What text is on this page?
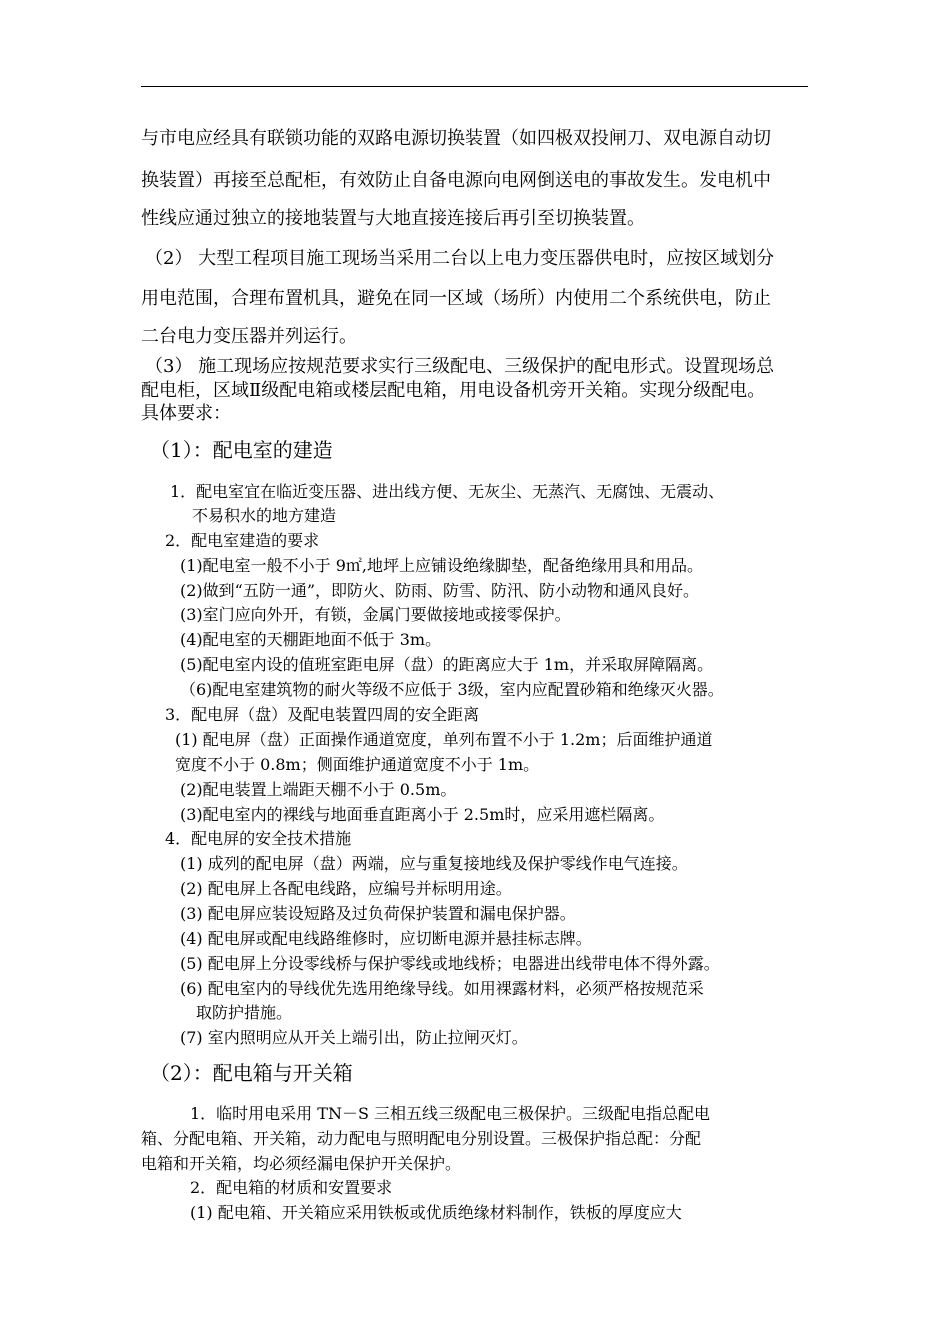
与市电应经具有联锁功能的双路电源切换装置（如四极双投闸刀、双电源自动切
换装置）再接至总配柜，有效防止自备电源向电网倒送电的事故发生。发电机中
性线应通过独立的接地装置与大地直接连接后再引至切换装置。
（2） 大型工程项目施工现场当采用二台以上电力变压器供电时，应按区域划分
用电范围，合理布置机具，避免在同一区域（场所）内使用二个系统供电，防止
二台电力变压器并列运行。
（3） 施工现场应按规范要求实行三级配电、三级保护的配电形式。设置现场总
配电柜，区域Ⅱ级配电箱或楼层配电箱，用电设备机旁开关箱。实现分级配电。
具体要求：
（1）：配电室的建造
1．配电室宜在临近变压器、进出线方便、无灰尘、无蒸汽、无腐蚀、无震动、
不易积水的地方建造
2．配电室建造的要求
(1)配电室一般不小于 9㎡,地坪上应铺设绝缘脚垫，配备绝缘用具和用品。
(2)做到“五防一通”，即防火、防雨、防雪、防汛、防小动物和通风良好。
(3)室门应向外开，有锁，金属门要做接地或接零保护。
(4)配电室的天棚距地面不低于 3m。
(5)配电室内设的值班室距电屏（盘）的距离应大于 1m，并采取屏障隔离。
（6)配电室建筑物的耐火等级不应低于 3级，室内应配置砂箱和绝缘灭火器。
3．配电屏（盘）及配电装置四周的安全距离
(1) 配电屏（盘）正面操作通道宽度，单列布置不小于 1.2m；后面维护通道
宽度不小于 0.8m；侧面维护通道宽度不小于 1m。
(2)配电装置上端距天棚不小于 0.5m。
(3)配电室内的裸线与地面垂直距离小于 2.5m时，应采用遮栏隔离。
4．配电屏的安全技术措施
(1) 成列的配电屏（盘）两端，应与重复接地线及保护零线作电气连接。
(2) 配电屏上各配电线路，应编号并标明用途。
(3) 配电屏应装设短路及过负荷保护装置和漏电保护器。
(4) 配电屏或配电线路维修时，应切断电源并悬挂标志牌。
(5) 配电屏上分设零线桥与保护零线或地线桥；电器进出线带电体不得外露。
(6) 配电室内的导线优先选用绝缘导线。如用裸露材料，必须严格按规范采
取防护措施。
(7) 室内照明应从开关上端引出，防止拉闸灭灯。
（2）：配电箱与开关箱
1．临时用电采用 TN－S 三相五线三级配电三极保护。三级配电指总配电
箱、分配电箱、开关箱，动力配电与照明配电分别设置。三极保护指总配：分配
电箱和开关箱，均必须经漏电保护开关保护。
2．配电箱的材质和安置要求
(1) 配电箱、开关箱应采用铁板或优质绝缘材料制作，铁板的厚度应大
